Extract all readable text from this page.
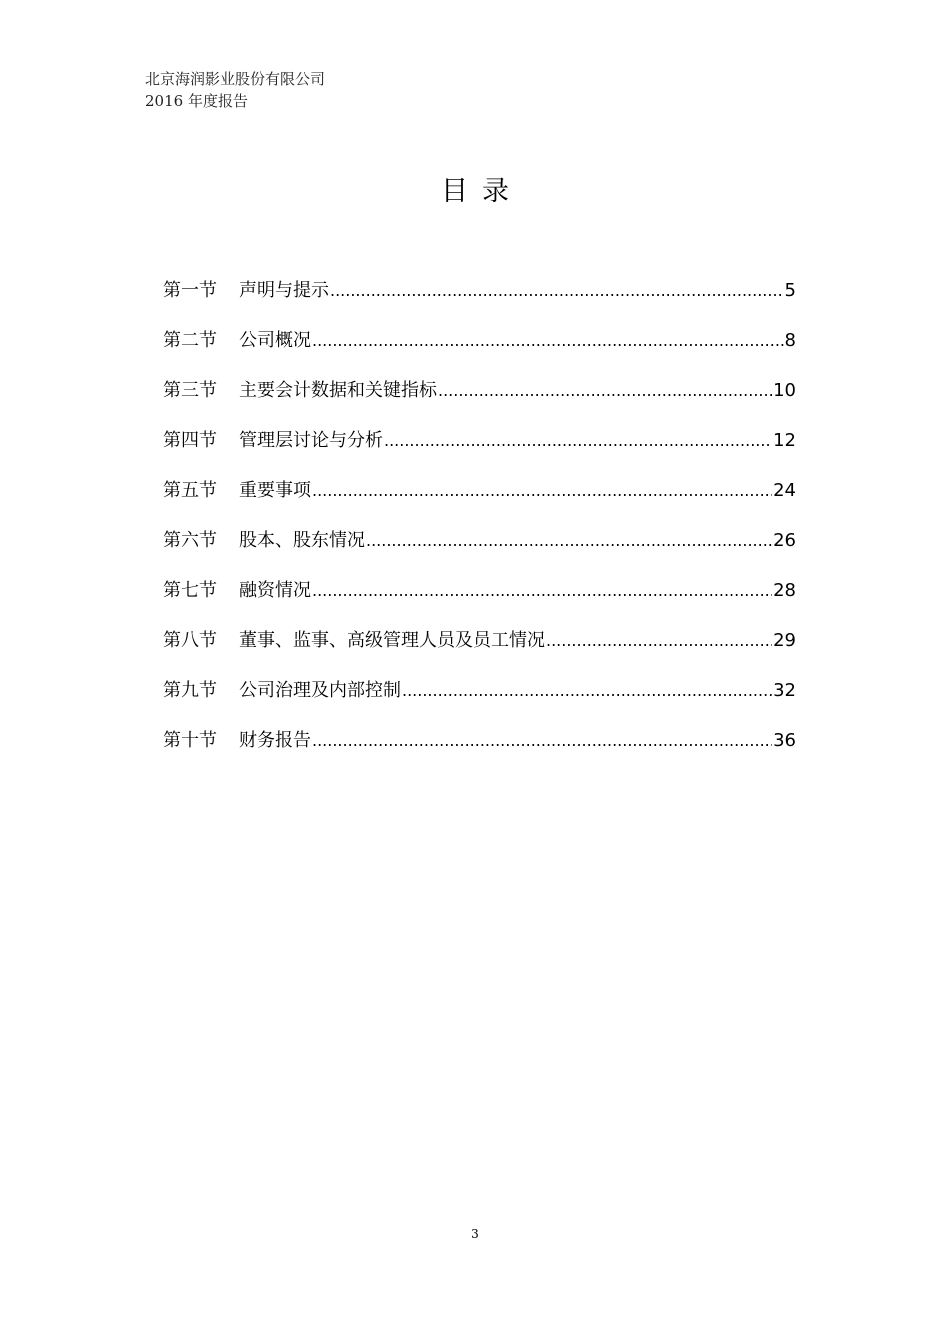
北京海润影业股份有限公司
2016 年度报告
目录
第一节	声明与提示 .....	5
第二节	公司概况 .....	8
第三节	主要会计数据和关键指标 .....	10
第四节	管理层讨论与分析 .....	12
第五节	重要事项 .....	24
第六节	股本、股东情况 .....	26
第七节	融资情况 .....	28
第八节	董事、监事、高级管理人员及员工情况 .....	29
第九节	公司治理及内部控制 .....	32
第十节	财务报告 .....	36
3
